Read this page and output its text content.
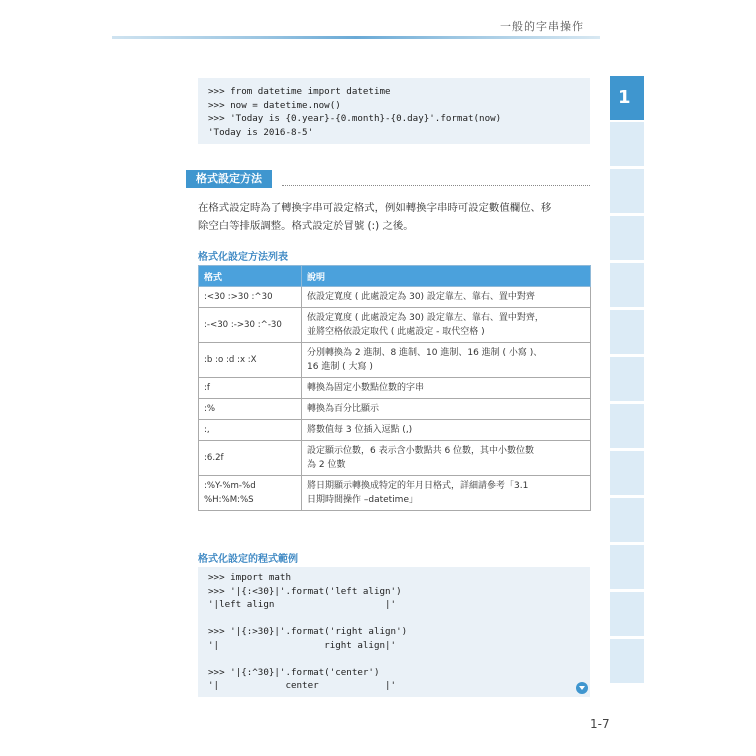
一般的字串操作
>>> from datetime import datetime
>>> now = datetime.now()
>>> 'Today is {0.year}-{0.month}-{0.day}'.format(now)
'Today is 2016-8-5'
格式設定方法
在格式設定時為了轉換字串可設定格式，例如轉換字串時可設定數值欄位、移
除空白等排版調整。格式設定於冒號 (:) 之後。
格式化設定方法列表
格式	說明
:<30 :>30 :^30	依設定寬度 ( 此處設定為 30) 設定靠左、靠右、置中對齊

:-<30 :->30 :^-30	依設定寬度 ( 此處設定為 30) 設定靠左、靠右、置中對齊，
並將空格依設定取代 ( 此處設定 - 取代空格 )

:b :o :d :x :X	分別轉換為 2 進制、8 進制、10 進制、16 進制 ( 小寫 )、
16 進制 ( 大寫 )

:f	轉換為固定小數點位數的字串

:%	轉換為百分比顯示

:,	將數值每 3 位插入逗點 (,)

:6.2f	設定顯示位數，6 表示含小數點共 6 位數，其中小數位數
為 2 位數

:%Y-%m-%d
%H:%M:%S	將日期顯示轉換成特定的年月日格式，詳細請參考「3.1
日期時間操作 –datetime」
格式化設定的程式範例
>>> import math
>>> '|{:<30}|'.format('left align')
'|left align                    |'
>>> '|{:>30}|'.format('right align')
'|                   right align|'
>>> '|{:^30}|'.format('center')
'|            center            |'
1
1-7
